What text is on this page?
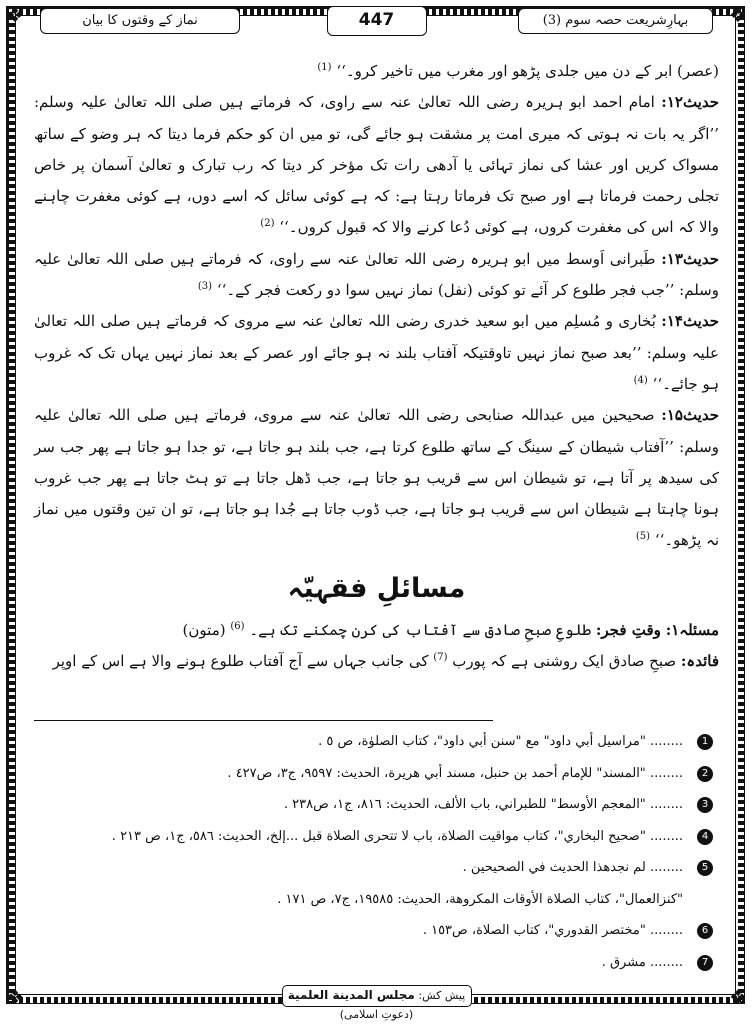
❖	❖
❖	❖
بہارِشریعت حصہ سوم (3)
447
نماز کے وقتوں کا بیان

(عصر) ابر کے دن میں جلدی پڑھو اور مغرب میں تاخیر کرو۔‘‘ $^{(1)}$

حدیث۱۲: امام احمد ابو ہریرہ رضی اللہ تعالیٰ عنہ سے راوی، کہ فرماتے ہیں صلی اللہ تعالیٰ علیہ وسلم: ’’اگر یہ بات نہ ہوتی کہ میری امت پر مشقت ہو جائے گی، تو میں ان کو حکم فرما دیتا کہ ہر وضو کے ساتھ مسواک کریں اور عشا کی نماز تہائی یا آدھی رات تک مؤخر کر دیتا کہ رب تبارک و تعالیٰ آسمان پر خاص تجلی رحمت فرماتا ہے اور صبح تک فرماتا رہتا ہے: کہ ہے کوئی سائل کہ اسے دوں، ہے کوئی مغفرت چاہنے والا کہ اس کی مغفرت کروں، ہے کوئی دُعا کرنے والا کہ قبول کروں۔‘‘ $^{(2)}$

حدیث۱۳: طَبرانی اَوسط میں ابو ہریرہ رضی اللہ تعالیٰ عنہ سے راوی، کہ فرماتے ہیں صلی اللہ تعالیٰ علیہ وسلم: ’’جب فجر طلوع کر آئے تو کوئی (نفل) نماز نہیں سوا دو رکعت فجر کے۔‘‘ $^{(3)}$

حدیث۱۴: بُخاری و مُسلِم میں ابو سعید خدری رضی اللہ تعالیٰ عنہ سے مروی کہ فرماتے ہیں صلی اللہ تعالیٰ علیہ وسلم: ’’بعد صبح نماز نہیں تاوقتیکہ آفتاب بلند نہ ہو جائے اور عصر کے بعد نماز نہیں یہاں تک کہ غروب ہو جائے۔‘‘ $^{(4)}$

حدیث۱۵: صحیحین میں عبداللہ صنابحی رضی اللہ تعالیٰ عنہ سے مروی، فرماتے ہیں صلی اللہ تعالیٰ علیہ وسلم: ’’آفتاب شیطان کے سینگ کے ساتھ طلوع کرتا ہے، جب بلند ہو جاتا ہے، تو جدا ہو جاتا ہے پھر جب سر کی سیدھ پر آتا ہے، تو شیطان اس سے قریب ہو جاتا ہے، جب ڈھل جاتا ہے تو ہٹ جاتا ہے پھر جب غروب ہونا چاہتا ہے شیطان اس سے قریب ہو جاتا ہے، جب ڈوب جاتا ہے جُدا ہو جاتا ہے، تو ان تین وقتوں میں نماز نہ پڑھو۔‘‘ $^{(5)}$

مسائلِ فقہیّہ

مسئلہ۱: وقتِ فجر: طلوعِ صبحِ صادق سے آفتاب کی کرن چمکنے تک ہے۔ $^{(6)}$ (متون)

فائدہ: صبحِ صادق ایک روشنی ہے کہ پورب $^{(7)}$ کی جانب جہاں سے آج آفتاب طلوع ہونے والا ہے اس کے اوپر

1
........ "مراسيل أبي داود" مع "سنن أبي داود"، كتاب الصلوٰة، ص ٥ .
2
........ "المسند" للإمام أحمد بن حنبل، مسند أبي هريرة، الحديث: ٩٥٩٧، ج٣، ص٤٢٧ .
3
........ "المعجم الأوسط" للطبراني، باب الألف، الحديث: ٨١٦، ج١، ص٢٣٨ .
4
........ "صحيح البخاري"، كتاب مواقيت الصلاة، باب لا تتحرى الصلاة قبل ...إلخ، الحديث: ٥٨٦، ج١، ص ٢١٣ .
5
........ لم نجدهذا الحديث في الصحيحين .
"كنزالعمال"، كتاب الصلاة الأوقات المكروهة، الحديث: ١٩٥٨٥، ج٧، ص ١٧١ .
6
........ "مختصر القدوري"، كتاب الصلاة، ص١٥٣ .
7
........ مشرق .
پیش کش: مجلس المدينة العلمية (دعوتِ اسلامی)
